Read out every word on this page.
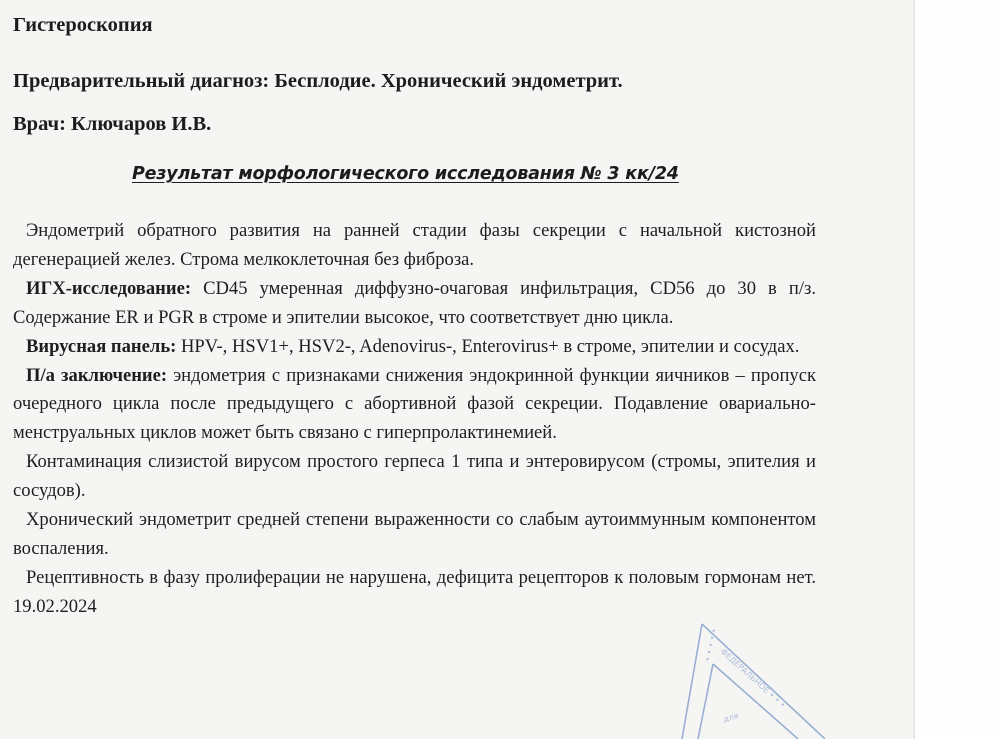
Гистероскопия
Предварительный диагноз: Бесплодие. Хронический эндометрит.
Врач: Ключаров И.В.
Результат морфологического исследования № 3 кк/24

Эндометрий обратного развития на ранней стадии фазы секреции с начальной кистозной дегенерацией желез. Строма мелкоклеточная без фиброза.

ИГХ-исследование: CD45 умеренная диффузно-очаговая инфильтрация, CD56 до 30 в п/з. Содержание ER и PGR в строме и эпителии высокое, что соответствует дню цикла.

Вирусная панель: HPV-, HSV1+, HSV2-, Adenovirus-, Enterovirus+ в строме, эпителии и сосудах.

П/а заключение: эндометрия с признаками снижения эндокринной функции яичников – пропуск очередного цикла после предыдущего с абортивной фазой секреции. Подавление овариально-менструальных циклов может быть связано с гиперпролактинемией.

Контаминация слизистой вирусом простого герпеса 1 типа и энтеровирусом (стромы, эпителия и сосудов).

Хронический эндометрит средней степени выраженности со слабым аутоиммунным компонентом воспаления.

Рецептивность в фазу пролиферации не нарушена, дефицита рецепторов к половым гормонам нет. 19.02.2024

• • • • •
ФЕДЕРАЛЬНОЕ • • •
для
